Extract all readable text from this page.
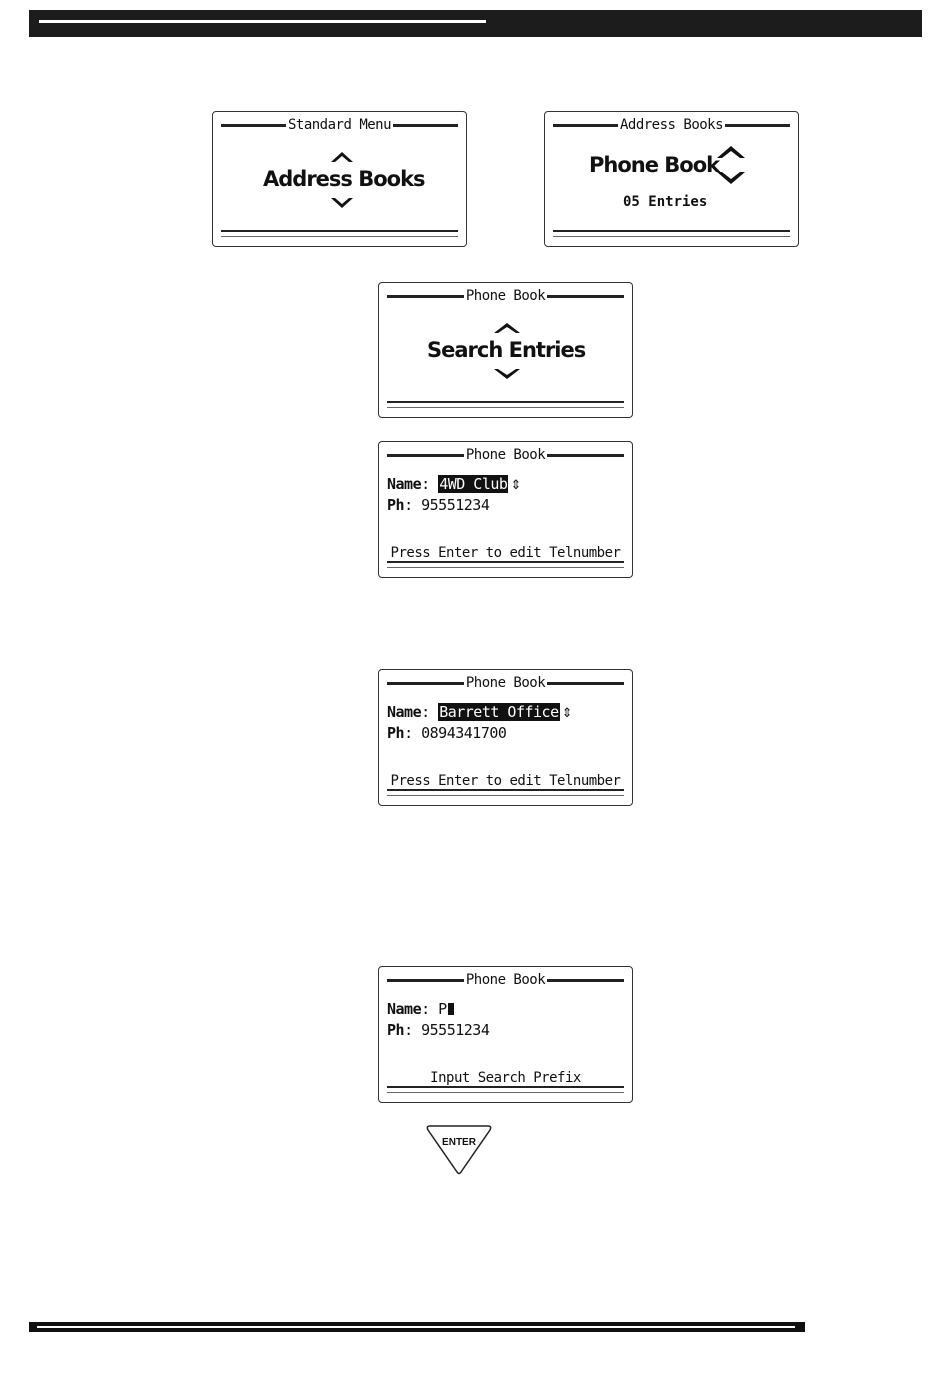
Standard Menu
Address Books
Address Books
Phone Book
05 Entries
Phone Book
Search Entries
Phone Book
Name: 4WD Club ⇕
Ph: 95551234
Press Enter to edit Telnumber
Phone Book
Name: Barrett Office ⇕
Ph: 0894341700
Press Enter to edit Telnumber
Phone Book
Name: P
Ph: 95551234
Input Search Prefix
ENTER
